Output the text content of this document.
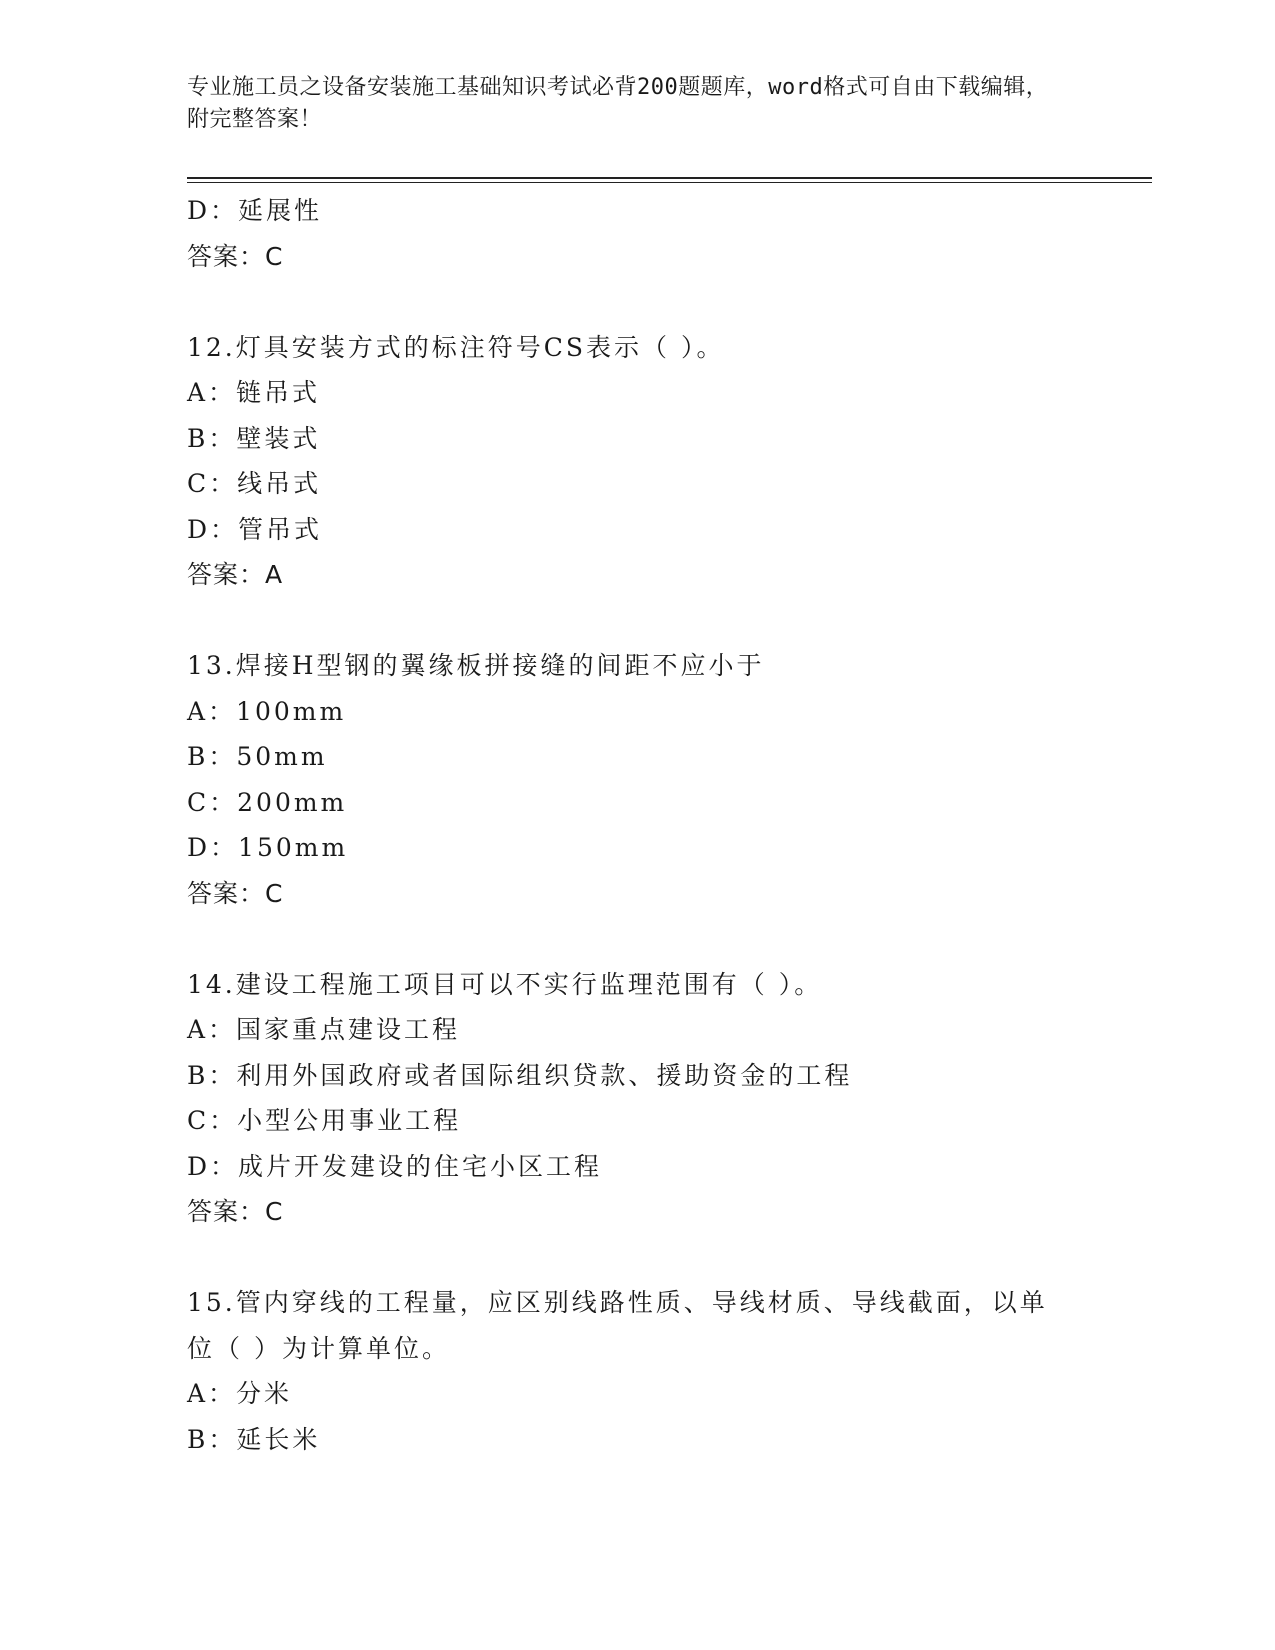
专业施工员之设备安装施工基础知识考试必背200题题库，word格式可自由下载编辑，附完整答案！
D：延展性
答案：C
12.灯具安装方式的标注符号CS表示（ ）。
A：链吊式
B：壁装式
C：线吊式
D：管吊式
答案：A
13.焊接H型钢的翼缘板拼接缝的间距不应小于
A：100mm
B：50mm
C：200mm
D：150mm
答案：C
14.建设工程施工项目可以不实行监理范围有（ ）。
A：国家重点建设工程
B：利用外国政府或者国际组织贷款、援助资金的工程
C：小型公用事业工程
D：成片开发建设的住宅小区工程
答案：C
15.管内穿线的工程量，应区别线路性质、导线材质、导线截面，以单
位（ ）为计算单位。
A：分米
B：延长米
